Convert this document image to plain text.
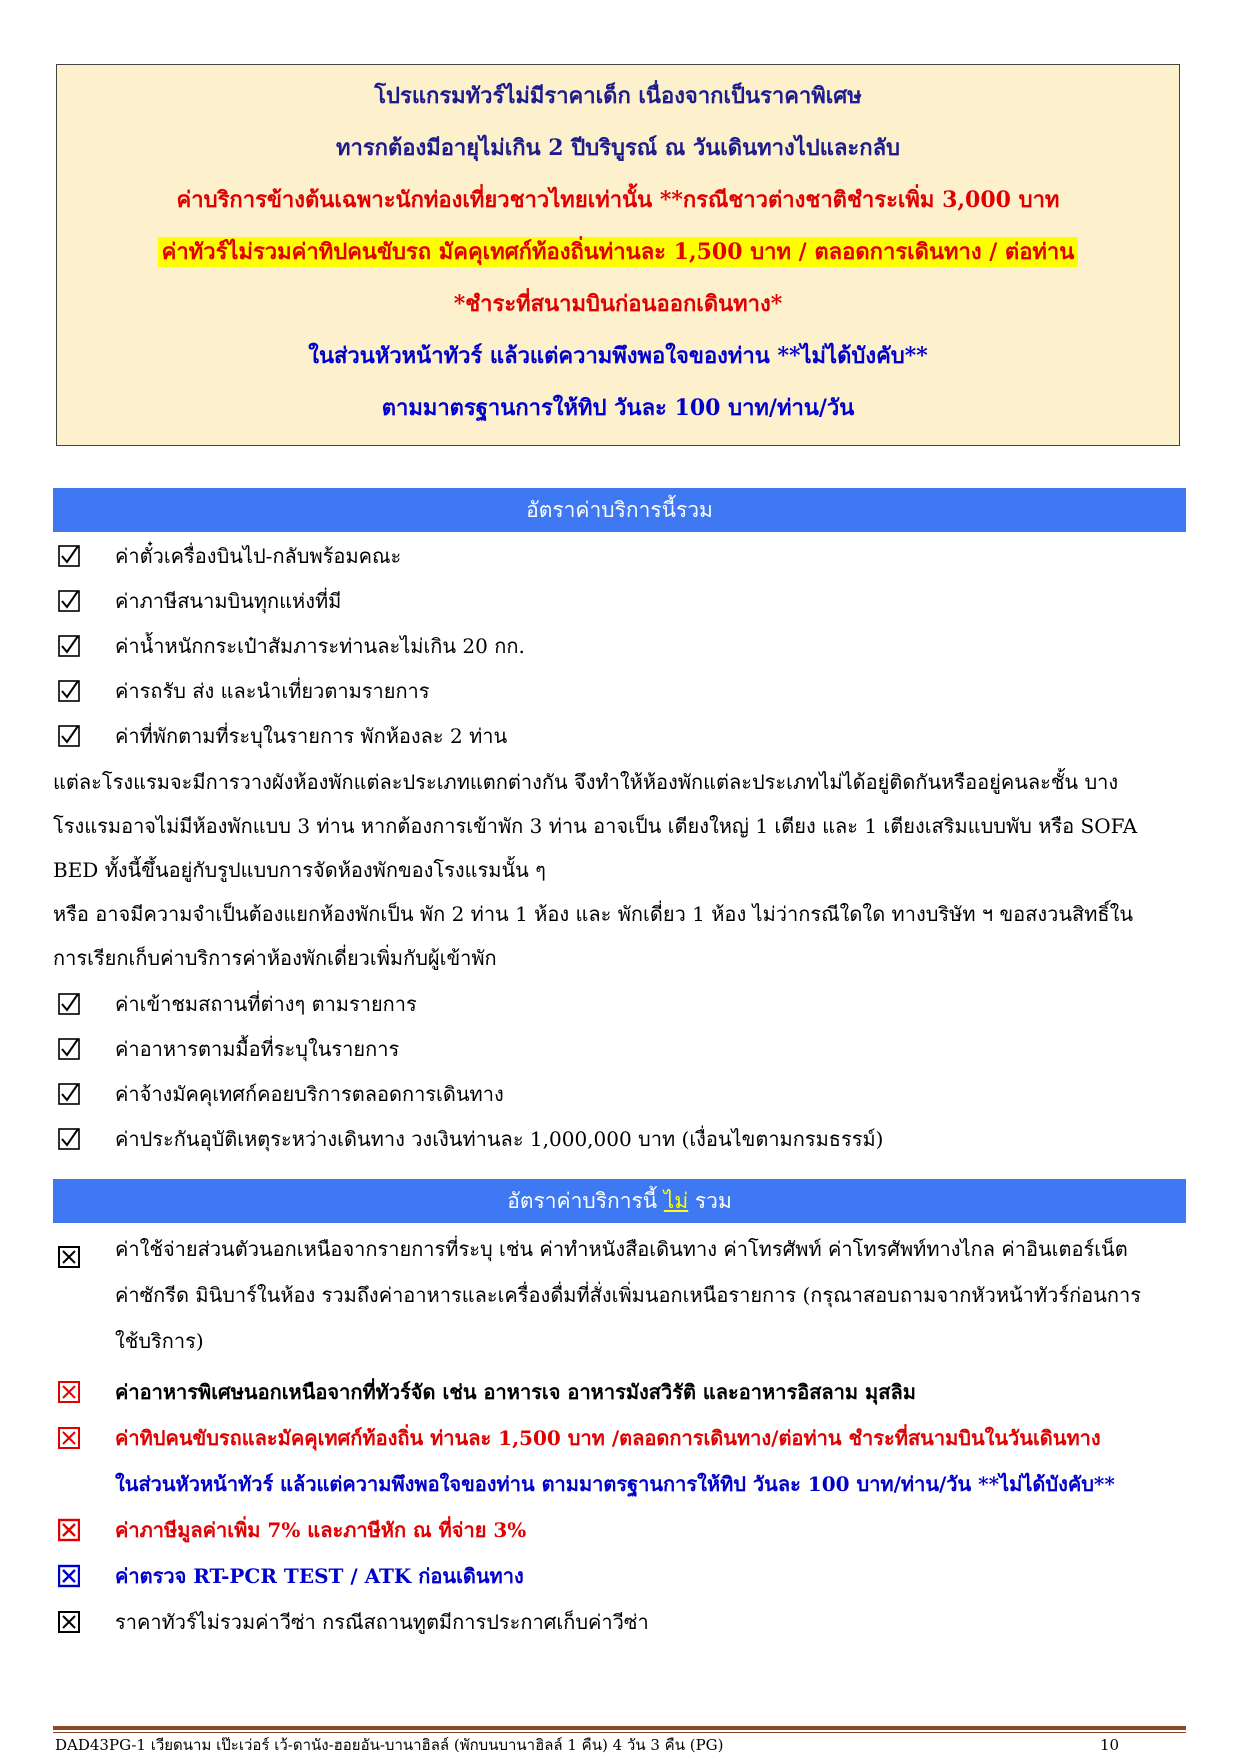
โปรแกรมทัวร์ไม่มีราคาเด็ก เนื่องจากเป็นราคาพิเศษ
ทารกต้องมีอายุไม่เกิน 2 ปีบริบูรณ์ ณ วันเดินทางไปและกลับ
ค่าบริการข้างต้นเฉพาะนักท่องเที่ยวชาวไทยเท่านั้น **กรณีชาวต่างชาติชำระเพิ่ม 3,000 บาท
ค่าทัวร์ไม่รวมค่าทิปคนขับรถ มัคคุเทศก์ท้องถิ่นท่านละ 1,500 บาท / ตลอดการเดินทาง / ต่อท่าน
*ชำระที่สนามบินก่อนออกเดินทาง*
ในส่วนหัวหน้าทัวร์ แล้วแต่ความพึงพอใจของท่าน **ไม่ได้บังคับ**
ตามมาตรฐานการให้ทิป วันละ 100 บาท/ท่าน/วัน
อัตราค่าบริการนี้รวม
ค่าตั๋วเครื่องบินไป-กลับพร้อมคณะ
ค่าภาษีสนามบินทุกแห่งที่มี
ค่าน้ำหนักกระเป๋าสัมภาระท่านละไม่เกิน 20 กก.
ค่ารถรับ ส่ง และนำเที่ยวตามรายการ
ค่าที่พักตามที่ระบุในรายการ พักห้องละ 2 ท่าน
แต่ละโรงแรมจะมีการวางผังห้องพักแต่ละประเภทแตกต่างกัน จึงทำให้ห้องพักแต่ละประเภทไม่ได้อยู่ติดกันหรืออยู่คนละชั้น บาง
โรงแรมอาจไม่มีห้องพักแบบ 3 ท่าน หากต้องการเข้าพัก 3 ท่าน อาจเป็น เตียงใหญ่ 1 เตียง และ 1 เตียงเสริมแบบพับ หรือ SOFA
BED ทั้งนี้ขึ้นอยู่กับรูปแบบการจัดห้องพักของโรงแรมนั้น ๆ
หรือ อาจมีความจำเป็นต้องแยกห้องพักเป็น พัก 2 ท่าน 1 ห้อง และ พักเดี่ยว 1 ห้อง ไม่ว่ากรณีใดใด ทางบริษัท ฯ ขอสงวนสิทธิ์ใน
การเรียกเก็บค่าบริการค่าห้องพักเดี่ยวเพิ่มกับผู้เข้าพัก
ค่าเข้าชมสถานที่ต่างๆ ตามรายการ
ค่าอาหารตามมื้อที่ระบุในรายการ
ค่าจ้างมัคคุเทศก์คอยบริการตลอดการเดินทาง
ค่าประกันอุบัติเหตุระหว่างเดินทาง วงเงินท่านละ 1,000,000 บาท (เงื่อนไขตามกรมธรรม์)
อัตราค่าบริการนี้ ไม่ รวม
ค่าใช้จ่ายส่วนตัวนอกเหนือจากรายการที่ระบุ เช่น ค่าทำหนังสือเดินทาง ค่าโทรศัพท์ ค่าโทรศัพท์ทางไกล ค่าอินเตอร์เน็ต
ค่าซักรีด มินิบาร์ในห้อง รวมถึงค่าอาหารและเครื่องดื่มที่สั่งเพิ่มนอกเหนือรายการ (กรุณาสอบถามจากหัวหน้าทัวร์ก่อนการ
ใช้บริการ)
ค่าอาหารพิเศษนอกเหนือจากที่ทัวร์จัด เช่น อาหารเจ อาหารมังสวิรัติ และอาหารอิสลาม มุสลิม
ค่าทิปคนขับรถและมัคคุเทศก์ท้องถิ่น ท่านละ 1,500 บาท /ตลอดการเดินทาง/ต่อท่าน ชำระที่สนามบินในวันเดินทาง
ในส่วนหัวหน้าทัวร์ แล้วแต่ความพึงพอใจของท่าน ตามมาตรฐานการให้ทิป วันละ 100 บาท/ท่าน/วัน **ไม่ได้บังคับ**
ค่าภาษีมูลค่าเพิ่ม 7% และภาษีหัก ณ ที่จ่าย 3%
ค่าตรวจ RT-PCR TEST / ATK ก่อนเดินทาง
ราคาทัวร์ไม่รวมค่าวีซ่า กรณีสถานทูตมีการประกาศเก็บค่าวีซ่า
DAD43PG-1 เวียดนาม เป๊ะเว่อร์ เว้-ดานัง-ฮอยอัน-บานาฮิลล์ (พักบนบานาฮิลล์ 1 คืน) 4 วัน 3 คืน (PG)	10
